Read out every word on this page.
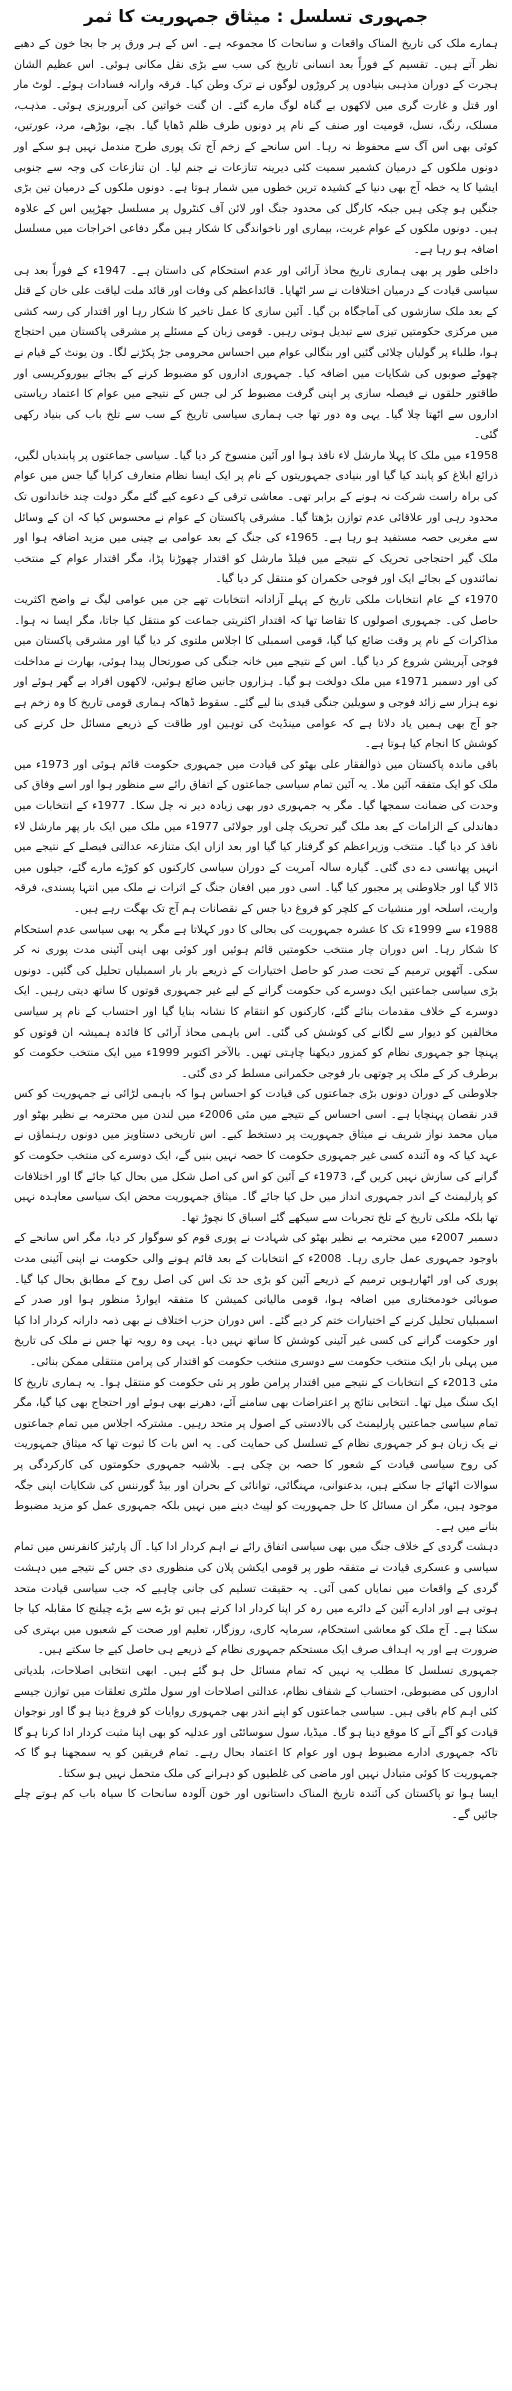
جمہوری تسلسل : میثاق جمہوریت کا ثمر

ہمارے ملک کی تاریخ المناک واقعات و سانحات کا مجموعہ ہے۔ اس کے ہر ورق پر جا بجا خون کے دھبے نظر آتے ہیں۔ تقسیم کے فوراً بعد انسانی تاریخ کی سب سے بڑی نقل مکانی ہوئی۔ اس عظیم الشان ہجرت کے دوران مذہبی بنیادوں پر کروڑوں لوگوں نے ترک وطن کیا۔ فرقہ وارانہ فسادات ہوئے۔ لوٹ مار اور قتل و غارت گری میں لاکھوں بے گناہ لوگ مارے گئے۔ ان گنت خواتین کی آبروریزی ہوئی۔ مذہب، مسلک، رنگ، نسل، قومیت اور صنف کے نام پر دونوں طرف ظلم ڈھایا گیا۔ بچے، بوڑھے، مرد، عورتیں، کوئی بھی اس آگ سے محفوظ نہ رہا۔ اس سانحے کے زخم آج تک پوری طرح مندمل نہیں ہو سکے اور دونوں ملکوں کے درمیان کشمیر سمیت کئی دیرینہ تنازعات نے جنم لیا۔ ان تنازعات کی وجہ سے جنوبی ایشیا کا یہ خطہ آج بھی دنیا کے کشیدہ ترین خطوں میں شمار ہوتا ہے۔ دونوں ملکوں کے درمیان تین بڑی جنگیں ہو چکی ہیں جبکہ کارگل کی محدود جنگ اور لائن آف کنٹرول پر مسلسل جھڑپیں اس کے علاوہ ہیں۔ دونوں ملکوں کے عوام غربت، بیماری اور ناخواندگی کا شکار ہیں مگر دفاعی اخراجات میں مسلسل اضافہ ہو رہا ہے۔

داخلی طور پر بھی ہماری تاریخ محاذ آرائی اور عدم استحکام کی داستان ہے۔ 1947ء کے فوراً بعد ہی سیاسی قیادت کے درمیان اختلافات نے سر اٹھایا۔ قائداعظم کی وفات اور قائد ملت لیاقت علی خان کے قتل کے بعد ملک سازشوں کی آماجگاہ بن گیا۔ آئین سازی کا عمل تاخیر کا شکار رہا اور اقتدار کی رسہ کشی میں مرکزی حکومتیں تیزی سے تبدیل ہوتی رہیں۔ قومی زبان کے مسئلے پر مشرقی پاکستان میں احتجاج ہوا، طلباء پر گولیاں چلائی گئیں اور بنگالی عوام میں احساس محرومی جڑ پکڑنے لگا۔ ون یونٹ کے قیام نے چھوٹے صوبوں کی شکایات میں اضافہ کیا۔ جمہوری اداروں کو مضبوط کرنے کے بجائے بیوروکریسی اور طاقتور حلقوں نے فیصلہ سازی پر اپنی گرفت مضبوط کر لی جس کے نتیجے میں عوام کا اعتماد ریاستی اداروں سے اٹھتا چلا گیا۔ یہی وہ دور تھا جب ہماری سیاسی تاریخ کے سب سے تلخ باب کی بنیاد رکھی گئی۔

1958ء میں ملک کا پہلا مارشل لاء نافذ ہوا اور آئین منسوخ کر دیا گیا۔ سیاسی جماعتوں پر پابندیاں لگیں، ذرائع ابلاغ کو پابند کیا گیا اور بنیادی جمہوریتوں کے نام پر ایک ایسا نظام متعارف کرایا گیا جس میں عوام کی براہ راست شرکت نہ ہونے کے برابر تھی۔ معاشی ترقی کے دعوے کیے گئے مگر دولت چند خاندانوں تک محدود رہی اور علاقائی عدم توازن بڑھتا گیا۔ مشرقی پاکستان کے عوام نے محسوس کیا کہ ان کے وسائل سے مغربی حصہ مستفید ہو رہا ہے۔ 1965ء کی جنگ کے بعد عوامی بے چینی میں مزید اضافہ ہوا اور ملک گیر احتجاجی تحریک کے نتیجے میں فیلڈ مارشل کو اقتدار چھوڑنا پڑا، مگر اقتدار عوام کے منتخب نمائندوں کے بجائے ایک اور فوجی حکمران کو منتقل کر دیا گیا۔

1970ء کے عام انتخابات ملکی تاریخ کے پہلے آزادانہ انتخابات تھے جن میں عوامی لیگ نے واضح اکثریت حاصل کی۔ جمہوری اصولوں کا تقاضا تھا کہ اقتدار اکثریتی جماعت کو منتقل کیا جاتا، مگر ایسا نہ ہوا۔ مذاکرات کے نام پر وقت ضائع کیا گیا، قومی اسمبلی کا اجلاس ملتوی کر دیا گیا اور مشرقی پاکستان میں فوجی آپریشن شروع کر دیا گیا۔ اس کے نتیجے میں خانہ جنگی کی صورتحال پیدا ہوئی، بھارت نے مداخلت کی اور دسمبر 1971ء میں ملک دولخت ہو گیا۔ ہزاروں جانیں ضائع ہوئیں، لاکھوں افراد بے گھر ہوئے اور نوے ہزار سے زائد فوجی و سویلین جنگی قیدی بنا لیے گئے۔ سقوط ڈھاکہ ہماری قومی تاریخ کا وہ زخم ہے جو آج بھی ہمیں یاد دلاتا ہے کہ عوامی مینڈیٹ کی توہین اور طاقت کے ذریعے مسائل حل کرنے کی کوشش کا انجام کیا ہوتا ہے۔

باقی ماندہ پاکستان میں ذوالفقار علی بھٹو کی قیادت میں جمہوری حکومت قائم ہوئی اور 1973ء میں ملک کو ایک متفقہ آئین ملا۔ یہ آئین تمام سیاسی جماعتوں کے اتفاق رائے سے منظور ہوا اور اسے وفاق کی وحدت کی ضمانت سمجھا گیا۔ مگر یہ جمہوری دور بھی زیادہ دیر نہ چل سکا۔ 1977ء کے انتخابات میں دھاندلی کے الزامات کے بعد ملک گیر تحریک چلی اور جولائی 1977ء میں ملک میں ایک بار پھر مارشل لاء نافذ کر دیا گیا۔ منتخب وزیراعظم کو گرفتار کیا گیا اور بعد ازاں ایک متنازعہ عدالتی فیصلے کے نتیجے میں انہیں پھانسی دے دی گئی۔ گیارہ سالہ آمریت کے دوران سیاسی کارکنوں کو کوڑے مارے گئے، جیلوں میں ڈالا گیا اور جلاوطنی پر مجبور کیا گیا۔ اسی دور میں افغان جنگ کے اثرات نے ملک میں انتہا پسندی، فرقہ واریت، اسلحہ اور منشیات کے کلچر کو فروغ دیا جس کے نقصانات ہم آج تک بھگت رہے ہیں۔

1988ء سے 1999ء تک کا عشرہ جمہوریت کی بحالی کا دور کہلاتا ہے مگر یہ بھی سیاسی عدم استحکام کا شکار رہا۔ اس دوران چار منتخب حکومتیں قائم ہوئیں اور کوئی بھی اپنی آئینی مدت پوری نہ کر سکی۔ آٹھویں ترمیم کے تحت صدر کو حاصل اختیارات کے ذریعے بار بار اسمبلیاں تحلیل کی گئیں۔ دونوں بڑی سیاسی جماعتیں ایک دوسرے کی حکومت گرانے کے لیے غیر جمہوری قوتوں کا ساتھ دیتی رہیں۔ ایک دوسرے کے خلاف مقدمات بنائے گئے، کارکنوں کو انتقام کا نشانہ بنایا گیا اور احتساب کے نام پر سیاسی مخالفین کو دیوار سے لگانے کی کوشش کی گئی۔ اس باہمی محاذ آرائی کا فائدہ ہمیشہ ان قوتوں کو پہنچا جو جمہوری نظام کو کمزور دیکھنا چاہتی تھیں۔ بالآخر اکتوبر 1999ء میں ایک منتخب حکومت کو برطرف کر کے ملک پر چوتھی بار فوجی حکمرانی مسلط کر دی گئی۔

جلاوطنی کے دوران دونوں بڑی جماعتوں کی قیادت کو احساس ہوا کہ باہمی لڑائی نے جمہوریت کو کس قدر نقصان پہنچایا ہے۔ اسی احساس کے نتیجے میں مئی 2006ء میں لندن میں محترمہ بے نظیر بھٹو اور میاں محمد نواز شریف نے میثاق جمہوریت پر دستخط کیے۔ اس تاریخی دستاویز میں دونوں رہنماؤں نے عہد کیا کہ وہ آئندہ کسی غیر جمہوری حکومت کا حصہ نہیں بنیں گے، ایک دوسرے کی منتخب حکومت کو گرانے کی سازش نہیں کریں گے، 1973ء کے آئین کو اس کی اصل شکل میں بحال کیا جائے گا اور اختلافات کو پارلیمنٹ کے اندر جمہوری انداز میں حل کیا جائے گا۔ میثاق جمہوریت محض ایک سیاسی معاہدہ نہیں تھا بلکہ ملکی تاریخ کے تلخ تجربات سے سیکھے گئے اسباق کا نچوڑ تھا۔

دسمبر 2007ء میں محترمہ بے نظیر بھٹو کی شہادت نے پوری قوم کو سوگوار کر دیا، مگر اس سانحے کے باوجود جمہوری عمل جاری رہا۔ 2008ء کے انتخابات کے بعد قائم ہونے والی حکومت نے اپنی آئینی مدت پوری کی اور اٹھارہویں ترمیم کے ذریعے آئین کو بڑی حد تک اس کی اصل روح کے مطابق بحال کیا گیا۔ صوبائی خودمختاری میں اضافہ ہوا، قومی مالیاتی کمیشن کا متفقہ ایوارڈ منظور ہوا اور صدر کے اسمبلیاں تحلیل کرنے کے اختیارات ختم کر دیے گئے۔ اس دوران حزب اختلاف نے بھی ذمہ دارانہ کردار ادا کیا اور حکومت گرانے کی کسی غیر آئینی کوشش کا ساتھ نہیں دیا۔ یہی وہ رویہ تھا جس نے ملک کی تاریخ میں پہلی بار ایک منتخب حکومت سے دوسری منتخب حکومت کو اقتدار کی پرامن منتقلی ممکن بنائی۔

مئی 2013ء کے انتخابات کے نتیجے میں اقتدار پرامن طور پر نئی حکومت کو منتقل ہوا۔ یہ ہماری تاریخ کا ایک سنگ میل تھا۔ انتخابی نتائج پر اعتراضات بھی سامنے آئے، دھرنے بھی ہوئے اور احتجاج بھی کیا گیا، مگر تمام سیاسی جماعتیں پارلیمنٹ کی بالادستی کے اصول پر متحد رہیں۔ مشترکہ اجلاس میں تمام جماعتوں نے یک زبان ہو کر جمہوری نظام کے تسلسل کی حمایت کی۔ یہ اس بات کا ثبوت تھا کہ میثاق جمہوریت کی روح سیاسی قیادت کے شعور کا حصہ بن چکی ہے۔ بلاشبہ جمہوری حکومتوں کی کارکردگی پر سوالات اٹھائے جا سکتے ہیں، بدعنوانی، مہنگائی، توانائی کے بحران اور بیڈ گورننس کی شکایات اپنی جگہ موجود ہیں، مگر ان مسائل کا حل جمہوریت کو لپیٹ دینے میں نہیں بلکہ جمہوری عمل کو مزید مضبوط بنانے میں ہے۔

دہشت گردی کے خلاف جنگ میں بھی سیاسی اتفاق رائے نے اہم کردار ادا کیا۔ آل پارٹیز کانفرنس میں تمام سیاسی و عسکری قیادت نے متفقہ طور پر قومی ایکشن پلان کی منظوری دی جس کے نتیجے میں دہشت گردی کے واقعات میں نمایاں کمی آئی۔ یہ حقیقت تسلیم کی جانی چاہیے کہ جب سیاسی قیادت متحد ہوتی ہے اور ادارے آئین کے دائرے میں رہ کر اپنا کردار ادا کرتے ہیں تو بڑے سے بڑے چیلنج کا مقابلہ کیا جا سکتا ہے۔ آج ملک کو معاشی استحکام، سرمایہ کاری، روزگار، تعلیم اور صحت کے شعبوں میں بہتری کی ضرورت ہے اور یہ اہداف صرف ایک مستحکم جمہوری نظام کے ذریعے ہی حاصل کیے جا سکتے ہیں۔

جمہوری تسلسل کا مطلب یہ نہیں کہ تمام مسائل حل ہو گئے ہیں۔ ابھی انتخابی اصلاحات، بلدیاتی اداروں کی مضبوطی، احتساب کے شفاف نظام، عدالتی اصلاحات اور سول ملٹری تعلقات میں توازن جیسے کئی اہم کام باقی ہیں۔ سیاسی جماعتوں کو اپنے اندر بھی جمہوری روایات کو فروغ دینا ہو گا اور نوجوان قیادت کو آگے آنے کا موقع دینا ہو گا۔ میڈیا، سول سوسائٹی اور عدلیہ کو بھی اپنا مثبت کردار ادا کرنا ہو گا تاکہ جمہوری ادارے مضبوط ہوں اور عوام کا اعتماد بحال رہے۔ تمام فریقین کو یہ سمجھنا ہو گا کہ جمہوریت کا کوئی متبادل نہیں اور ماضی کی غلطیوں کو دہرانے کی ملک متحمل نہیں ہو سکتا۔

ایسا ہوا تو پاکستان کی آئندہ تاریخ المناک داستانوں اور خون آلودہ سانحات کا سیاہ باب کم ہوتے چلے جائیں گے۔
